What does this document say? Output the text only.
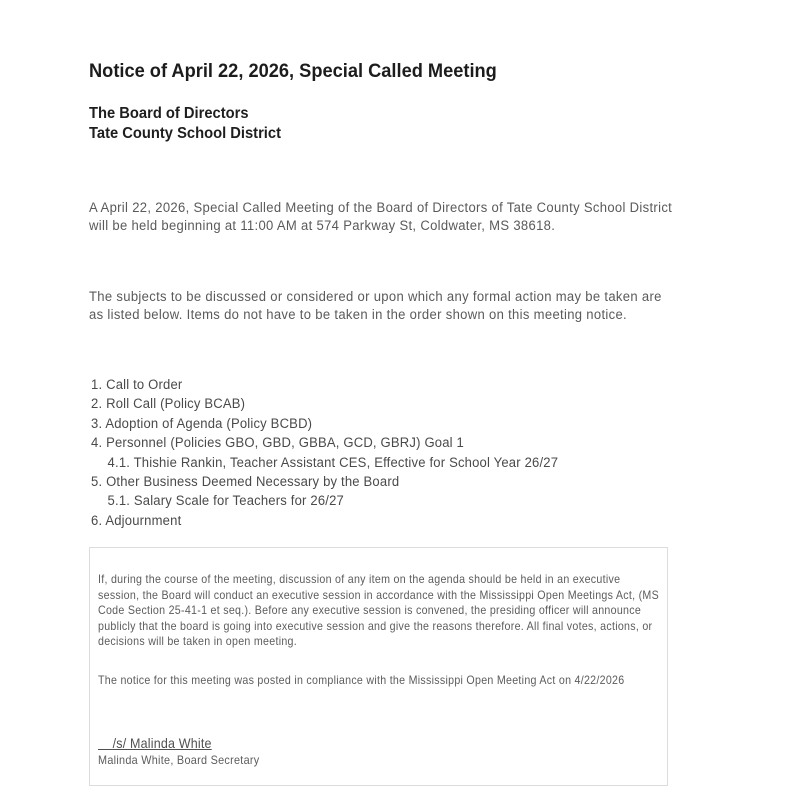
Notice of April 22, 2026, Special Called Meeting
The Board of Directors
Tate County School District

A April 22, 2026, Special Called Meeting of the Board of Directors of Tate County School District will be held beginning at 11:00 AM at 574 Parkway St, Coldwater, MS 38618.

The subjects to be discussed or considered or upon which any formal action may be taken are as listed below. Items do not have to be taken in the order shown on this meeting notice.

1. Call to Order
2. Roll Call (Policy BCAB)
3. Adoption of Agenda (Policy BCBD)
4. Personnel (Policies GBO, GBD, GBBA, GCD, GBRJ) Goal 1
4.1. Thishie Rankin, Teacher Assistant CES, Effective for School Year 26/27
5. Other Business Deemed Necessary by the Board
5.1. Salary Scale for Teachers for 26/27
6. Adjournment

If, during the course of the meeting, discussion of any item on the agenda should be held in an executive session, the Board will conduct an executive session in accordance with the Mississippi Open Meetings Act, (MS Code Section 25-41-1 et seq.). Before any executive session is convened, the presiding officer will announce publicly that the board is going into executive session and give the reasons therefore. All final votes, actions, or decisions will be taken in open meeting.

The notice for this meeting was posted in compliance with the Mississippi Open Meeting Act on 4/22/2026

/s/ Malinda White
Malinda White, Board Secretary
